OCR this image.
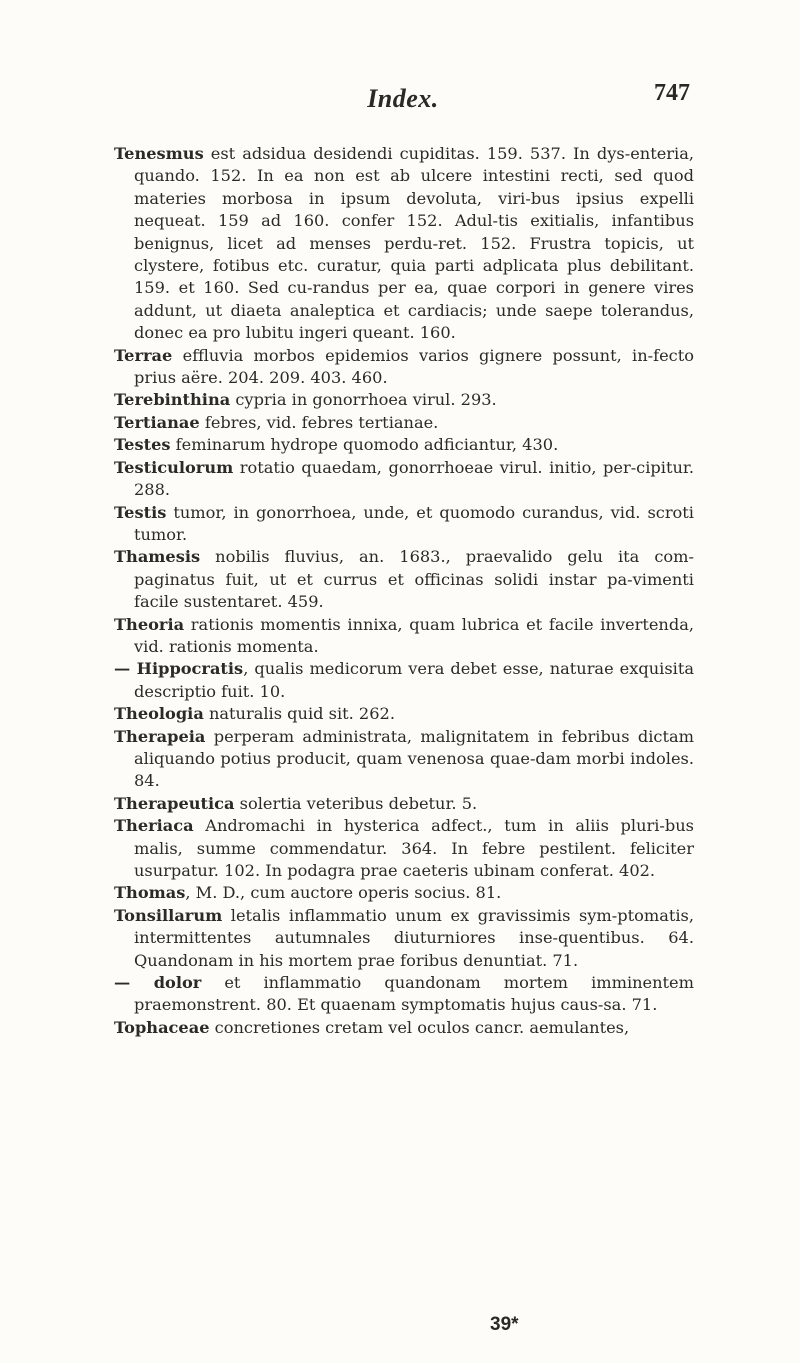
Index.	747

Tenesmus est adsidua desidendi cupiditas. 159. 537. In dys-enteria, quando. 152. In ea non est ab ulcere intestini recti, sed quod materies morbosa in ipsum devoluta, viri-bus ipsius expelli nequeat. 159 ad 160. confer 152. Adul-tis exitialis, infantibus benignus, licet ad menses perdu-ret. 152. Frustra topicis, ut clystere, fotibus etc. curatur, quia parti adplicata plus debilitant. 159. et 160. Sed cu-randus per ea, quae corpori in genere vires addunt, ut diaeta analeptica et cardiacis; unde saepe tolerandus, donec ea pro lubitu ingeri queant. 160.

Terrae effluvia morbos epidemios varios gignere possunt, in-fecto prius aëre. 204. 209. 403. 460.

Terebinthina cypria in gonorrhoea virul. 293.

Tertianae febres, vid. febres tertianae.

Testes feminarum hydrope quomodo adficiantur, 430.

Testiculorum rotatio quaedam, gonorrhoeae virul. initio, per-cipitur. 288.

Testis tumor, in gonorrhoea, unde, et quomodo curandus, vid. scroti tumor.

Thamesis nobilis fluvius, an. 1683., praevalido gelu ita com-paginatus fuit, ut et currus et officinas solidi instar pa-vimenti facile sustentaret. 459.

Theoria rationis momentis innixa, quam lubrica et facile invertenda, vid. rationis momenta.

— Hippocratis, qualis medicorum vera debet esse, naturae exquisita descriptio fuit. 10.

Theologia naturalis quid sit. 262.

Therapeia perperam administrata, malignitatem in febribus dictam aliquando potius producit, quam venenosa quae-dam morbi indoles. 84.

Therapeutica solertia veteribus debetur. 5.

Theriaca Andromachi in hysterica adfect., tum in aliis pluri-bus malis, summe commendatur. 364. In febre pestilent. feliciter usurpatur. 102. In podagra prae caeteris ubinam conferat. 402.

Thomas, M. D., cum auctore operis socius. 81.

Tonsillarum letalis inflammatio unum ex gravissimis sym-ptomatis, intermittentes autumnales diuturniores inse-quentibus. 64. Quandonam in his mortem prae foribus denuntiat. 71.

— dolor et inflammatio quandonam mortem imminentem praemonstrent. 80. Et quaenam symptomatis hujus caus-sa. 71.

Tophaceae concretiones cretam vel oculos cancr. aemulantes,

39*
